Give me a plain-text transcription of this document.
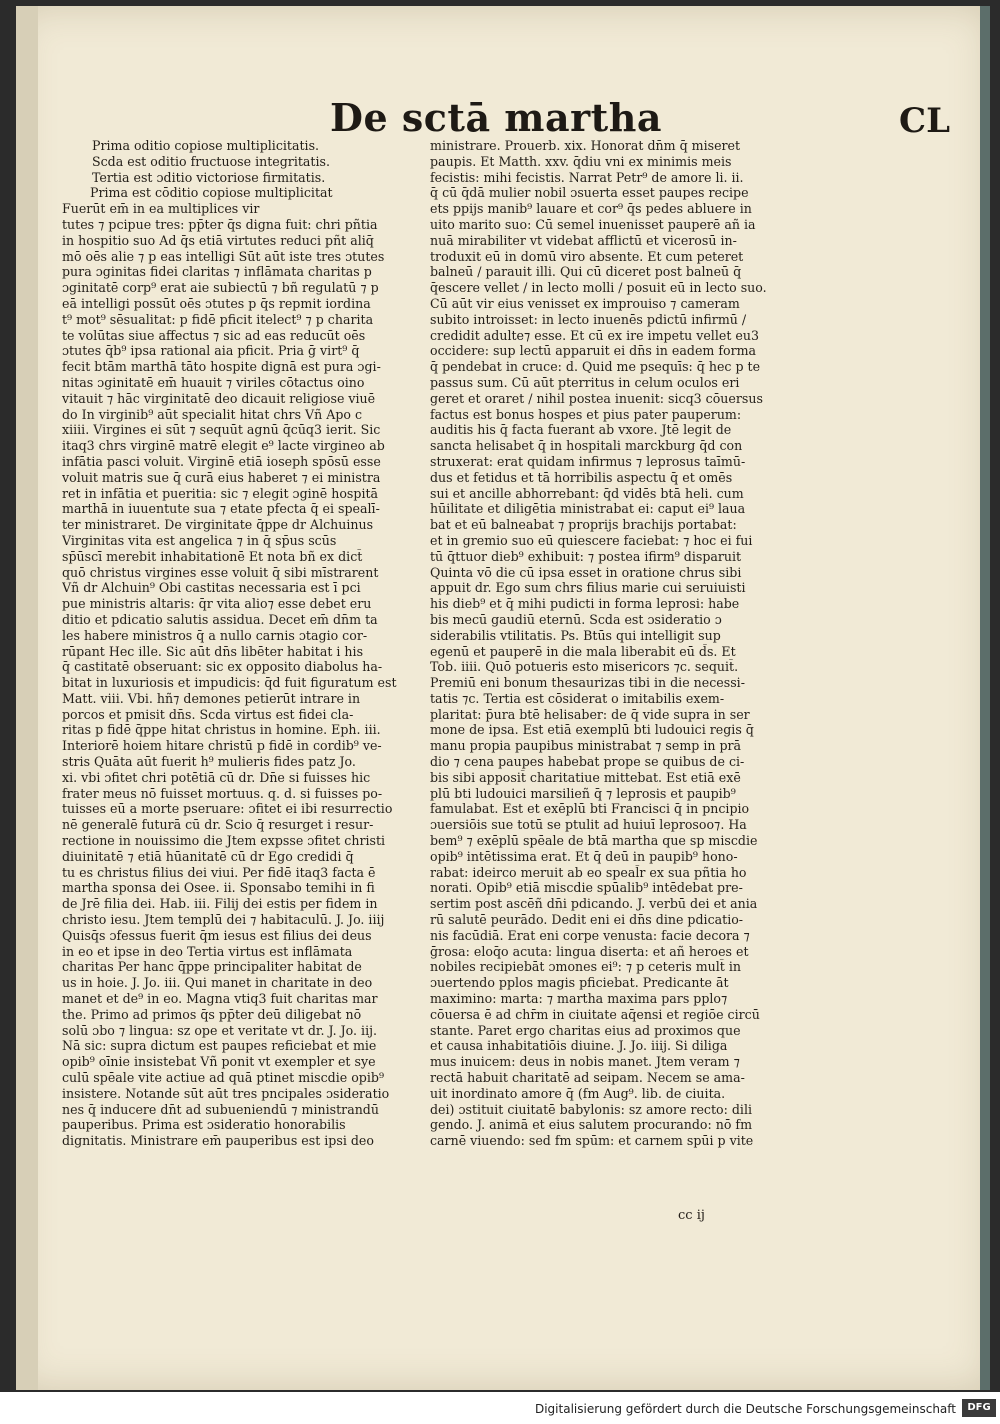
De sctā martha	CL

Prima oditio copiose multiplicitatis.

Scda est oditio fructuose integritatis.

Tertia est ɔditio victoriose firmitatis.

Prima est cōditio copiose multiplicitat

Fuerūt em̄ in ea multiplices vir

tutes ⁊ pcipue tres: pp̄ter q̄s digna fuit: chri pñtia

in hospitio suo Ad q̄s etiā virtutes reduci pñt aliq̄

mō oēs alie ⁊ p eas intelligi Sūt aūt iste tres ɔtutes

pura ɔginitas fidei claritas ⁊ inflāmata charitas p

ɔginitatē corp⁹ erat aie subiectū ⁊ bñ regulatū ⁊ p

eā intelligi possūt oēs ɔtutes p q̄s repmit iordina

t⁹ mot⁹ sēsualitat: p fidē pficit itelect⁹ ⁊ p charita

te volūtas siue affectus ⁊ sic ad eas reducūt oēs

ɔtutes q̄b⁹ ipsa rational aia pficit. Pria ḡ virt⁹ q̄

fecit btām marthā tāto hospite dignā est pura ɔgi-

nitas ɔginitatē em̄ huauit ⁊ viriles cōtactus oino

vitauit ⁊ hāc virginitatē deo dicauit religiose viuē

do In virginib⁹ aūt specialit hitat chrs Vñ Apo c

xiiii. Virgines ei sūt ⁊ sequūt agnū q̄cūq3 ierit. Sic

itaq3 chrs virginē matrē elegit e⁹ lacte virgineo ab

infātia pasci voluit. Virginē etiā ioseph spōsū esse

voluit matris sue q̄ curā eius haberet ⁊ ei ministra

ret in infātia et pueritia: sic ⁊ elegit ɔginē hospitā

marthā in iuuentute sua ⁊ etate pfecta q̄ ei spealī-

ter ministraret. De virginitate q̄ppe dr Alchuinus

Virginitas vita est angelica ⁊ in q̄ sp̄us scūs

sp̄ūscī merebit inhabitationē Et nota bñ ex dict̄

quō christus virgines esse voluit q̄ sibi mīstrarent

Vñ dr Alchuin⁹ Obi castitas necessaria est ī pci

pue ministris altaris: q̄r vita alio⁊ esse debet eru

ditio et pdicatio salutis assidua. Decet em̄ dn̄m ta

les habere ministros q̄ a nullo carnis ɔtagio cor-

rūpant Hec ille. Sic aūt dn̄s libēter habitat i his

q̄ castitatē obseruant: sic ex opposito diabolus ha-

bitat in luxuriosis et impudicis: q̄d fuit figuratum est

Matt. viii. Vbi. hñ⁊ demones petierūt intrare in

porcos et pmisit dn̄s. Scda virtus est fidei cla-

ritas p fidē q̄ppe hitat christus in homine. Eph. iii.

Interiorē hoiem hitare christū p fidē in cordib⁹ ve-

stris Quāta aūt fuerit h⁹ mulieris fides patz Jo.

xi. vbi ɔfitet chri potētiā cū dr. Dn̄e si fuisses hic

frater meus nō fuisset mortuus. q. d. si fuisses po-

tuisses eū a morte pseruare: ɔfitet ei ibi resurrectio

nē generalē futurā cū dr. Scio q̄ resurget i resur-

rectione in nouissimo die Jtem expsse ɔfitet christi

diuinitatē ⁊ etiā hūanitatē cū dr Ego credidi q̄

tu es christus filius dei viui. Per fidē itaq3 facta ē

martha sponsa dei Osee. ii. Sponsabo temihi in fi

de Jrē filia dei. Hab. iii. Filij dei estis per fidem in

christo iesu. Jtem templū dei ⁊ habitaculū. J. Jo. iiij

Quisq̄s ɔfessus fuerit q̄m iesus est filius dei deus

in eo et ipse in deo Tertia virtus est inflāmata

charitas Per hanc q̄ppe principaliter habitat de

us in hoie. J. Jo. iii. Qui manet in charitate in deo

manet et de⁹ in eo. Magna vtiq3 fuit charitas mar

the. Primo ad primos q̄s pp̄ter deū diligebat nō

solū ɔbo ⁊ lingua: sz ope et veritate vt dr. J. Jo. iij.

Nā sic: supra dictum est paupes reficiebat et mie

opib⁹ oīnie insistebat Vñ ponit vt exempler et sye

culū spēale vite actiue ad quā ptinet miscdie opib⁹

insistere. Notande sūt aūt tres pncipales ɔsideratio

nes q̄ inducere dn̄t ad subueniendū ⁊ ministrandū

pauperibus. Prima est ɔsideratio honorabilis

dignitatis. Ministrare em̄ pauperibus est ipsi deo

ministrare. Prouerb. xix. Honorat dn̄m q̄ miseret

paupis. Et Matth. xxv. q̄diu vni ex minimis meis

fecistis: mihi fecistis. Narrat Petr⁹ de amore li. ii.

q̄ cū q̄dā mulier nobil ɔsuerta esset paupes recipe

ets ppijs manib⁹ lauare et cor⁹ q̄s pedes abluere in

uito marito suo: Cū semel inuenisset pauperē añ ia

nuā mirabiliter vt videbat afflictū et vicerosū in-

troduxit eū in domū viro absente. Et cum peteret

balneū / parauit illi. Qui cū diceret post balneū q̄

q̄escere vellet / in lecto molli / posuit eū in lecto suo.

Cū aūt vir eius venisset ex improuiso ⁊ cameram

subito introisset: in lecto inuenēs pdictū infirmū /

credidit adulte⁊ esse. Et cū ex ire impetu vellet eu3

occidere: sup lectū apparuit ei dn̄s in eadem forma

q̄ pendebat in cruce: d. Quid me psequīs: q̄ hec p te

passus sum. Cū aūt pterritus in celum oculos eri

geret et oraret / nihil postea inuenit: sicq3 cōuersus

factus est bonus hospes et pius pater pauperum:

auditis his q̄ facta fuerant ab vxore. Jtē legit de

sancta helisabet q̄ in hospitali marckburg q̄d con

struxerat: erat quidam infirmus ⁊ leprosus taīmū-

dus et fetidus et tā horribilis aspectu q̄ et omēs

sui et ancille abhorrebant: q̄d vidēs btā heli. cum

hūilitate et diligētia ministrabat ei: caput ei⁹ laua

bat et eū balneabat ⁊ proprijs brachijs portabat:

et in gremio suo eū quiescere faciebat: ⁊ hoc ei fui

tū q̄ttuor dieb⁹ exhibuit: ⁊ postea ifirm⁹ disparuit

Quinta vō die cū ipsa esset in oratione chrus sibi

appuit dr. Ego sum chrs filius marie cui seruiuisti

his dieb⁹ et q̄ mihi pudicti in forma leprosi: habe

bis mecū gaudiū eternū. Scda est ɔsideratio ɔ

siderabilis vtilitatis. Ps. Btūs qui intelligit sup

egenū et pauperē in die mala liberabit eū d̄s. Et

Tob. iiii. Quō potueris esto misericors ⁊c. sequit̄.

Premiū eni bonum thesaurizas tibi in die necessi-

tatis ⁊c. Tertia est cōsiderat o imitabilis exem-

plaritat: p̄ura btē helisaber: de q̄ vide supra in ser

mone de ipsa. Est etiā exemplū bti ludouici regis q̄

manu propia paupibus ministrabat ⁊ semp in prā

dio ⁊ cena paupes habebat prope se quibus de ci-

bis sibi apposit̄ charitatiue mittebat. Est etiā exē

plū bti ludouici marsilieñ q̄ ⁊ leprosis et paupib⁹

famulabat. Est et exēplū bti Francisci q̄ in pncipio

ɔuersiōis sue totū se ptulit ad huiuī leprosoo⁊. Ha

bem⁹ ⁊ exēplū spēale de btā martha que sp miscdie

opib⁹ intētissima erat. Et q̄ deū in paupib⁹ hono-

rabat: ideirco meruit ab eo speal̄r ex sua pñtia ho

norati. Opib⁹ etiā miscdie spūalib⁹ intēdebat pre-

sertim post ascēñ dn̄i pdicando. J. verbū dei et ania

rū salutē peurādo. Dedit eni ei dn̄s dine pdicatio-

nis facūdiā. Erat eni corpe venusta: facie decora ⁊

ḡrosa: eloq̄o acuta: lingua diserta: et añ heroes et

nobiles recipiebāt ɔmones ei⁹: ⁊ p ceteris mult̄ in

ɔuertendo pplos magis pficiebat. Predicante āt

maximino: marta: ⁊ martha maxima pars pplo⁊

cōuersa ē ad chr̄m in ciuitate aq̄ensi et regiōe circū

stante. Paret ergo charitas eius ad proximos que

et causa inhabitatiōis diuine. J. Jo. iiij. Si diliga

mus inuicem: deus in nobis manet. Jtem veram ⁊

rectā habuit charitatē ad seipam. Necem se ama-

uit inordinato amore q̄ (fm Aug⁹. lib. de ciuita.

dei) ɔstituit ciuitatē babylonis: sz amore recto: dili

gendo. J. animā et eius salutem procurando: nō fm

carnē viuendo: sed fm spūm: et carnem spūi p vite

cc ij
Digitalisierung gefördert durch die Deutsche Forschungsgemeinschaft	DFG
